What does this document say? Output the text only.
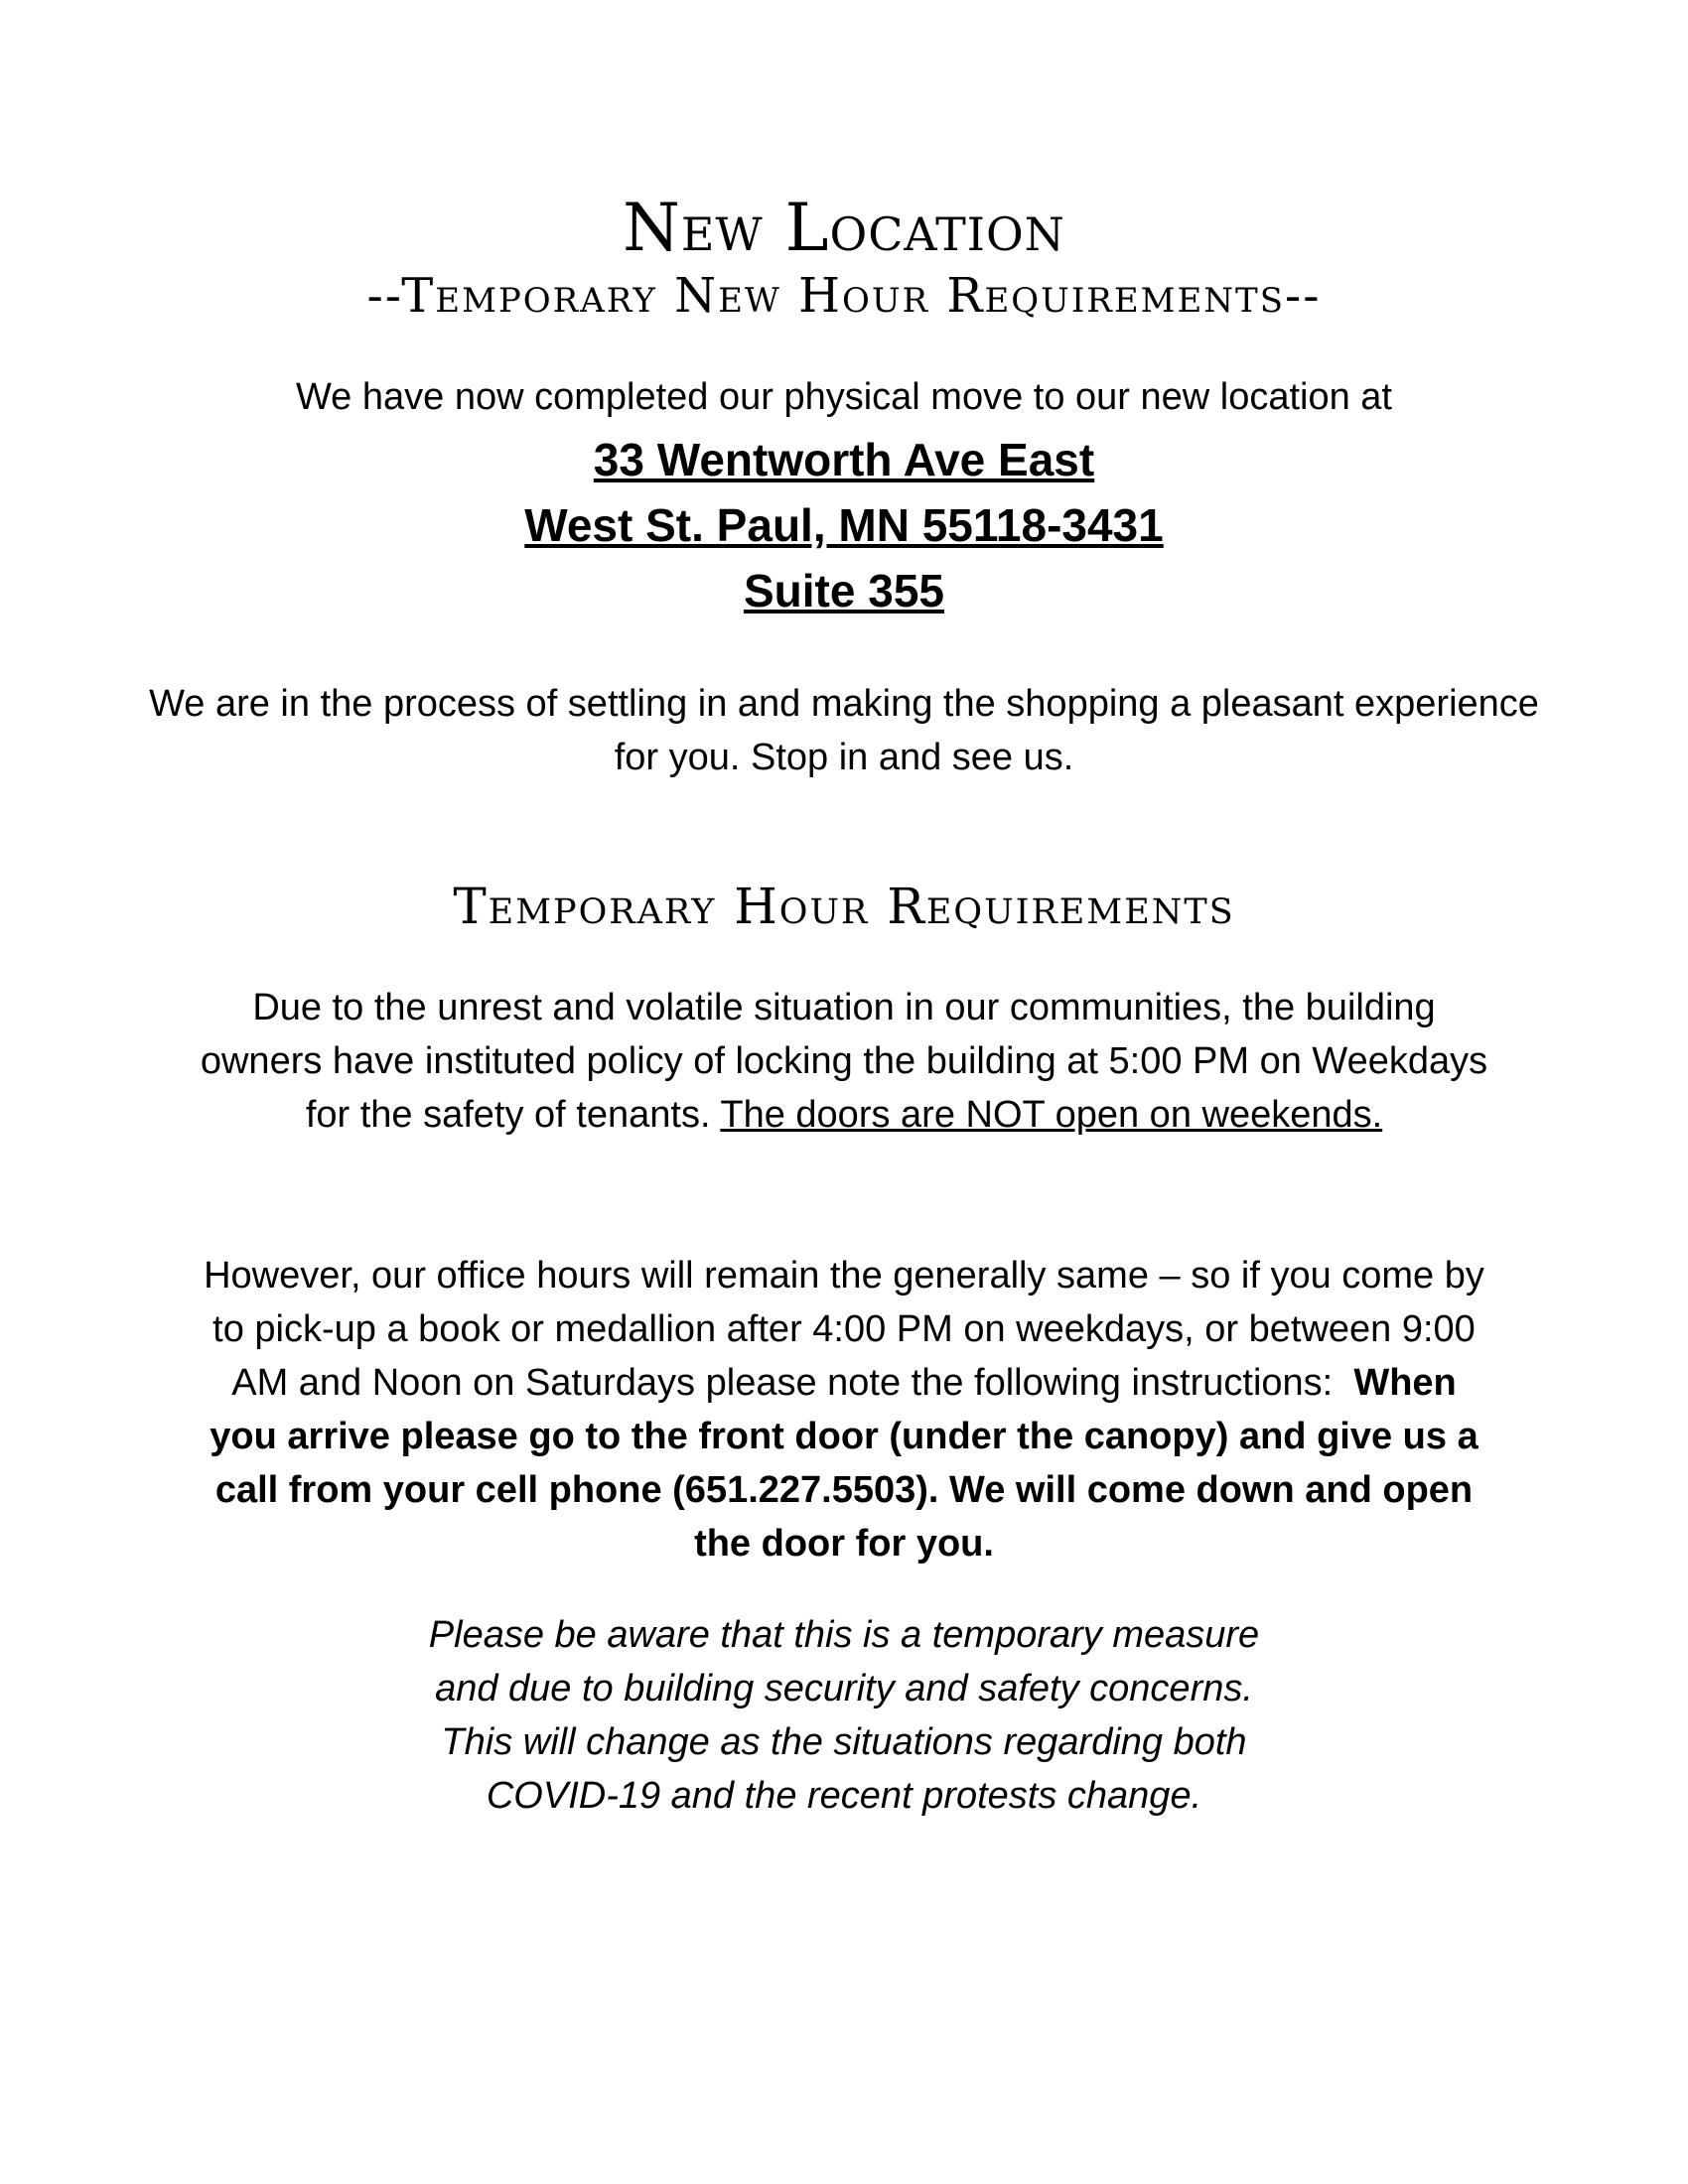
New Location
--Temporary New Hour Requirements--
We have now completed our physical move to our new location at
33 Wentworth Ave East
West St. Paul, MN 55118-3431
Suite 355
We are in the process of settling in and making the shopping a pleasant experience for you. Stop in and see us.
Temporary Hour Requirements
Due to the unrest and volatile situation in our communities, the building owners have instituted policy of locking the building at 5:00 PM on Weekdays for the safety of tenants. The doors are NOT open on weekends.
However, our office hours will remain the generally same – so if you come by to pick-up a book or medallion after 4:00 PM on weekdays, or between 9:00 AM and Noon on Saturdays please note the following instructions:  When you arrive please go to the front door (under the canopy) and give us a call from your cell phone (651.227.5503). We will come down and open the door for you.
Please be aware that this is a temporary measure
and due to building security and safety concerns.
This will change as the situations regarding both
COVID-19 and the recent protests change.
